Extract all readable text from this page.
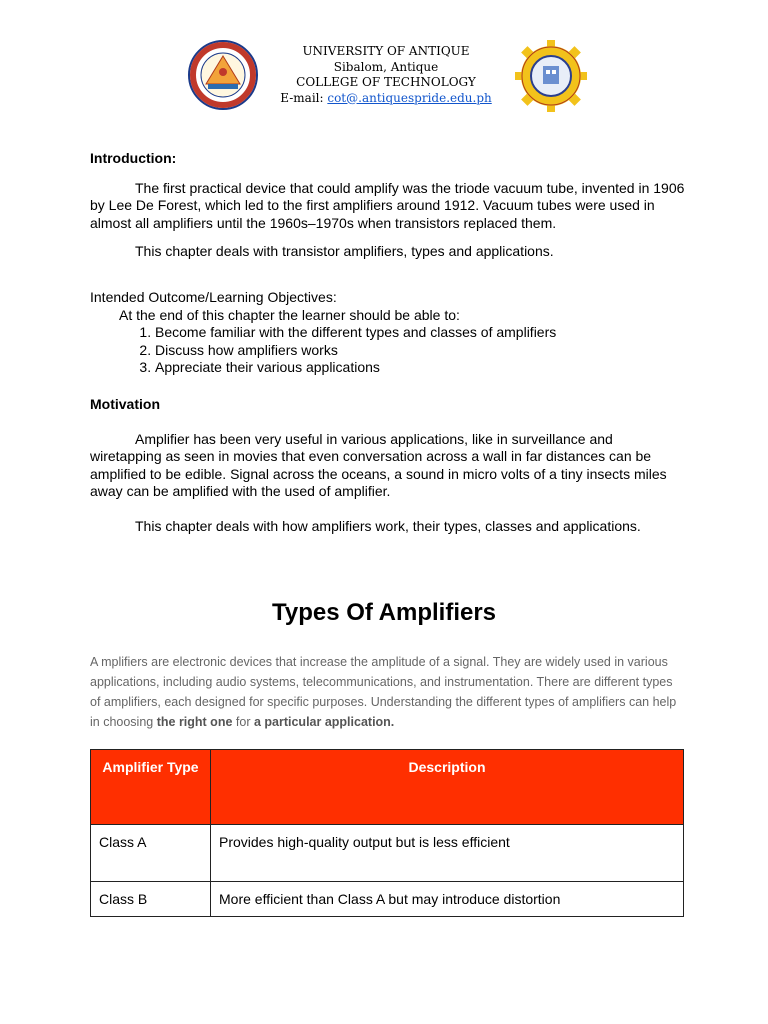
UNIVERSITY OF ANTIQUE
Sibalom, Antique
COLLEGE OF TECHNOLOGY
E-mail: cot@.antiquespride.edu.ph
Introduction:

The first practical device that could amplify was the triode vacuum tube, invented in 1906 by Lee De Forest, which led to the first amplifiers around 1912. Vacuum tubes were used in almost all amplifiers until the 1960s–1970s when transistors replaced them.

This chapter deals with transistor amplifiers, types and applications.

Intended Outcome/Learning Objectives:
At the end of this chapter the learner should be able to:
1. Become familiar with the different types and classes of amplifiers
2. Discuss how amplifiers works
3. Appreciate their various applications
Motivation

Amplifier has been very useful in various applications, like in surveillance and wiretapping as seen in movies that even conversation across a wall in far distances can be amplified to be edible. Signal across the oceans, a sound in micro volts of a tiny insects miles away can be amplified with the used of amplifier.

This chapter deals with how amplifiers work, their types, classes and applications.

Types Of Amplifiers
A mplifiers are electronic devices that increase the amplitude of a signal. They are widely used in various applications, including audio systems, telecommunications, and instrumentation. There are different types of amplifiers, each designed for specific purposes. Understanding the different types of amplifiers can help in choosing the right one for a particular application.
Amplifier Type	Description
Class A	Provides high-quality output but is less efficient
Class B	More efficient than Class A but may introduce distortion
